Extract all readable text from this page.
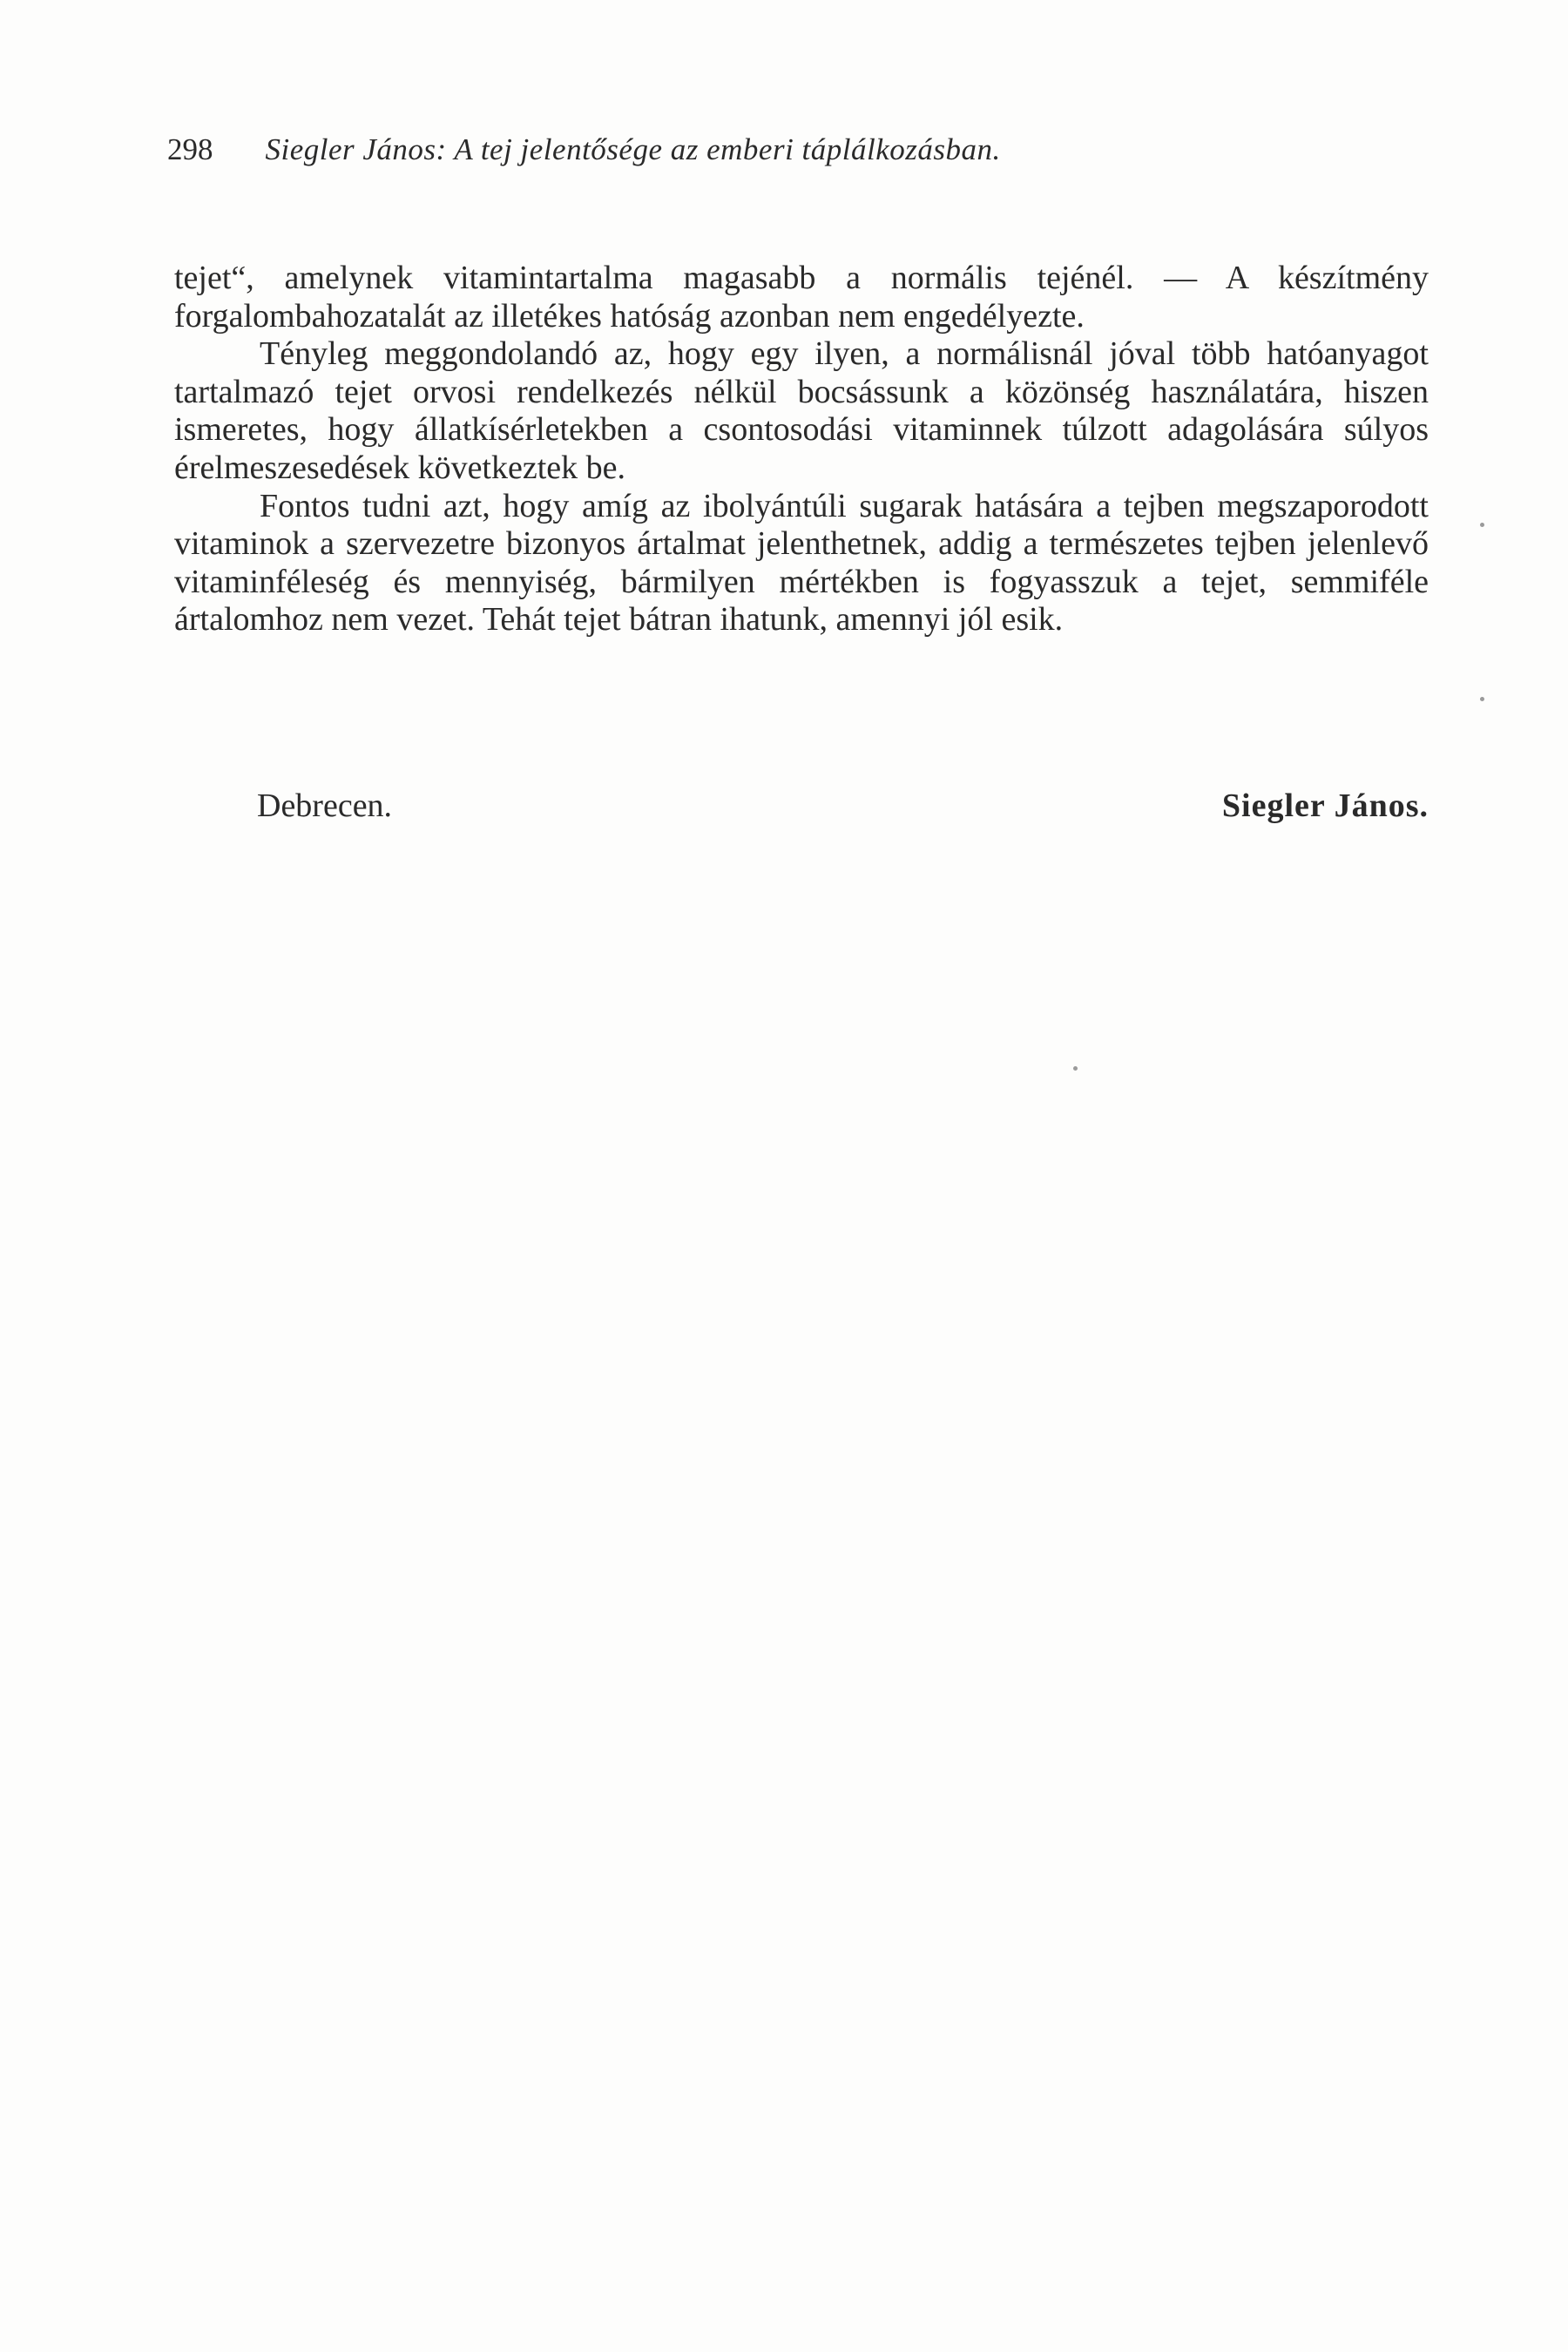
298 Siegler János: A tej jelentősége az emberi táplálkozásban.

tejet“, amelynek vitamintartalma magasabb a normális tejénél. — A készítmény forgalombahozatalát az illetékes hatóság azonban nem engedélyezte.

Tényleg meggondolandó az, hogy egy ilyen, a normálisnál jóval több hatóanyagot tartalmazó tejet orvosi rendelkezés nélkül bocsássunk a közönség használatára, hiszen ismeretes, hogy állatkísérletekben a csontosodási vitaminnek túlzott adagolására súlyos érelmeszesedések következtek be.

Fontos tudni azt, hogy amíg az ibolyántúli sugarak hatására a tejben megszaporodott vitaminok a szervezetre bizonyos ártalmat jelenthetnek, addig a természetes tejben jelenlevő vitaminféleség és mennyiség, bármilyen mértékben is fogyasszuk a tejet, semmiféle ártalomhoz nem vezet. Tehát tejet bátran ihatunk, amennyi jól esik.

Debrecen.	Siegler János.
